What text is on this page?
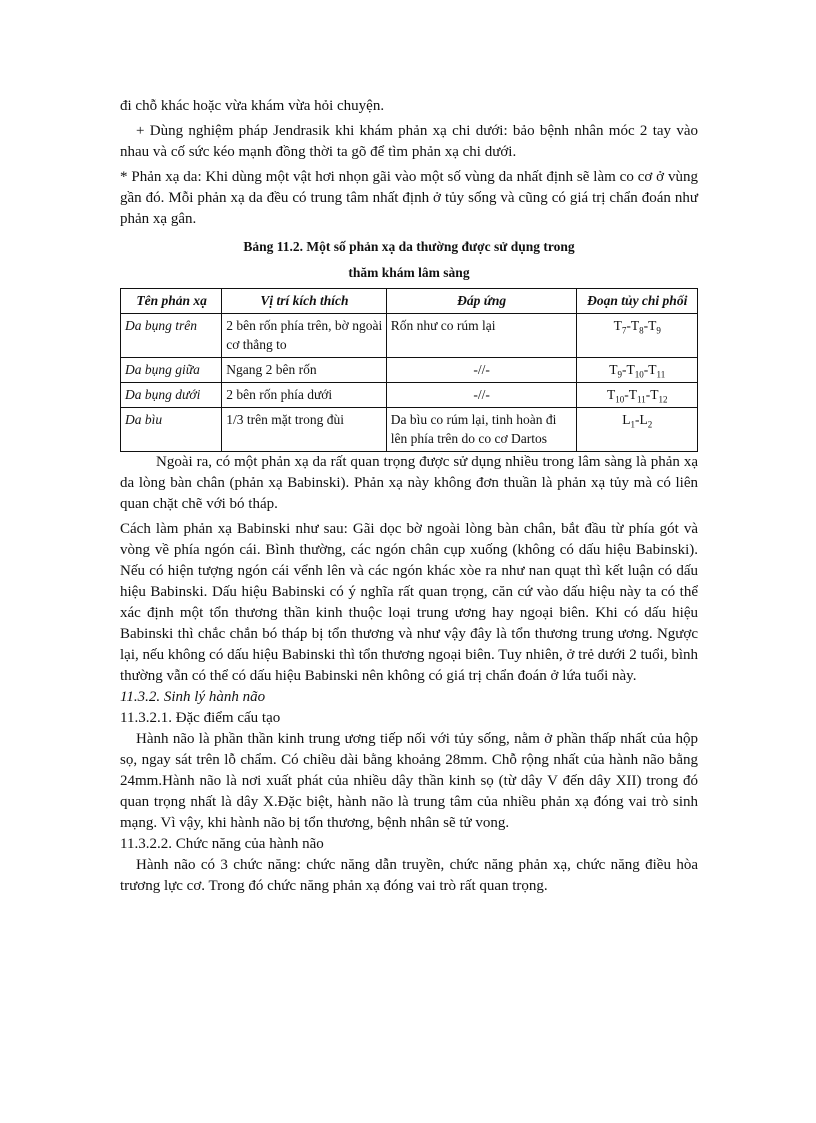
đi chỗ khác hoặc vừa khám vừa hỏi chuyện.

+ Dùng nghiệm pháp Jendrasik khi khám phản xạ chi dưới: bảo bệnh nhân móc 2 tay vào nhau và cố sức kéo mạnh đồng thời ta gõ để tìm phản xạ chi dưới.

* Phản xạ da: Khi dùng một vật hơi nhọn gãi vào một số vùng da nhất định sẽ làm co cơ ở vùng gần đó. Mỗi phản xạ da đều có trung tâm nhất định ở tủy sống và cũng có giá trị chẩn đoán như phản xạ gân.

Bảng 11.2. Một số phản xạ da thường được sử dụng trong
thăm khám lâm sàng
Tên phản xạ	Vị trí kích thích	Đáp ứng	Đoạn tủy chi phối
Da bụng trên	2 bên rốn phía trên, bờ ngoài cơ thẳng to	Rốn như co rúm lại	$T_7-T_8-T_9$
Da bụng giữa	Ngang 2 bên rốn	-//-	$T_9-T_{10}-T_{11}$
Da bụng dưới	2 bên rốn phía dưới	-//-	$T_{10}-T_{11}-T_{12}$
Da bìu	1/3 trên mặt trong đùi	Da bìu co rúm lại, tinh hoàn đi lên phía trên do co cơ Dartos	$L_1-L_2$

Ngoài ra, có một phản xạ da rất quan trọng được sử dụng nhiều trong lâm sàng là phản xạ da lòng bàn chân (phản xạ Babinski). Phản xạ này không đơn thuần là phản xạ tủy mà có liên quan chặt chẽ với bó tháp.

Cách làm phản xạ Babinski như sau: Gãi dọc bờ ngoài lòng bàn chân, bắt đầu từ phía gót và vòng về phía ngón cái. Bình thường, các ngón chân cụp xuống (không có dấu hiệu Babinski). Nếu có hiện tượng ngón cái vểnh lên và các ngón khác xòe ra như nan quạt thì kết luận có dấu hiệu Babinski. Dấu hiệu Babinski có ý nghĩa rất quan trọng, căn cứ vào dấu hiệu này ta có thể xác định một tổn thương thần kinh thuộc loại trung ương hay ngoại biên. Khi có dấu hiệu Babinski thì chắc chắn bó tháp bị tổn thương và như vậy đây là tổn thương trung ương. Ngược lại, nếu không có dấu hiệu Babinski thì tổn thương ngoại biên. Tuy nhiên, ở trẻ dưới 2 tuổi, bình thường vẫn có thể có dấu hiệu Babinski nên không có giá trị chẩn đoán ở lứa tuổi này.

11.3.2. Sinh lý hành não

11.3.2.1. Đặc điểm cấu tạo

Hành não là phần thần kinh trung ương tiếp nối với tủy sống, nằm ở phần thấp nhất của hộp sọ, ngay sát trên lỗ chẩm. Có chiều dài bằng khoảng 28mm. Chỗ rộng nhất của hành não bằng 24mm.Hành não là nơi xuất phát của nhiều dây thần kinh sọ (từ dây V đến dây XII) trong đó quan trọng nhất là dây X.Đặc biệt, hành não là trung tâm của nhiều phản xạ đóng vai trò sinh mạng. Vì vậy, khi hành não bị tổn thương, bệnh nhân sẽ tử vong.

11.3.2.2. Chức năng của hành não

Hành não có 3 chức năng: chức năng dẫn truyền, chức năng phản xạ, chức năng điều hòa trương lực cơ. Trong đó chức năng phản xạ đóng vai trò rất quan trọng.
